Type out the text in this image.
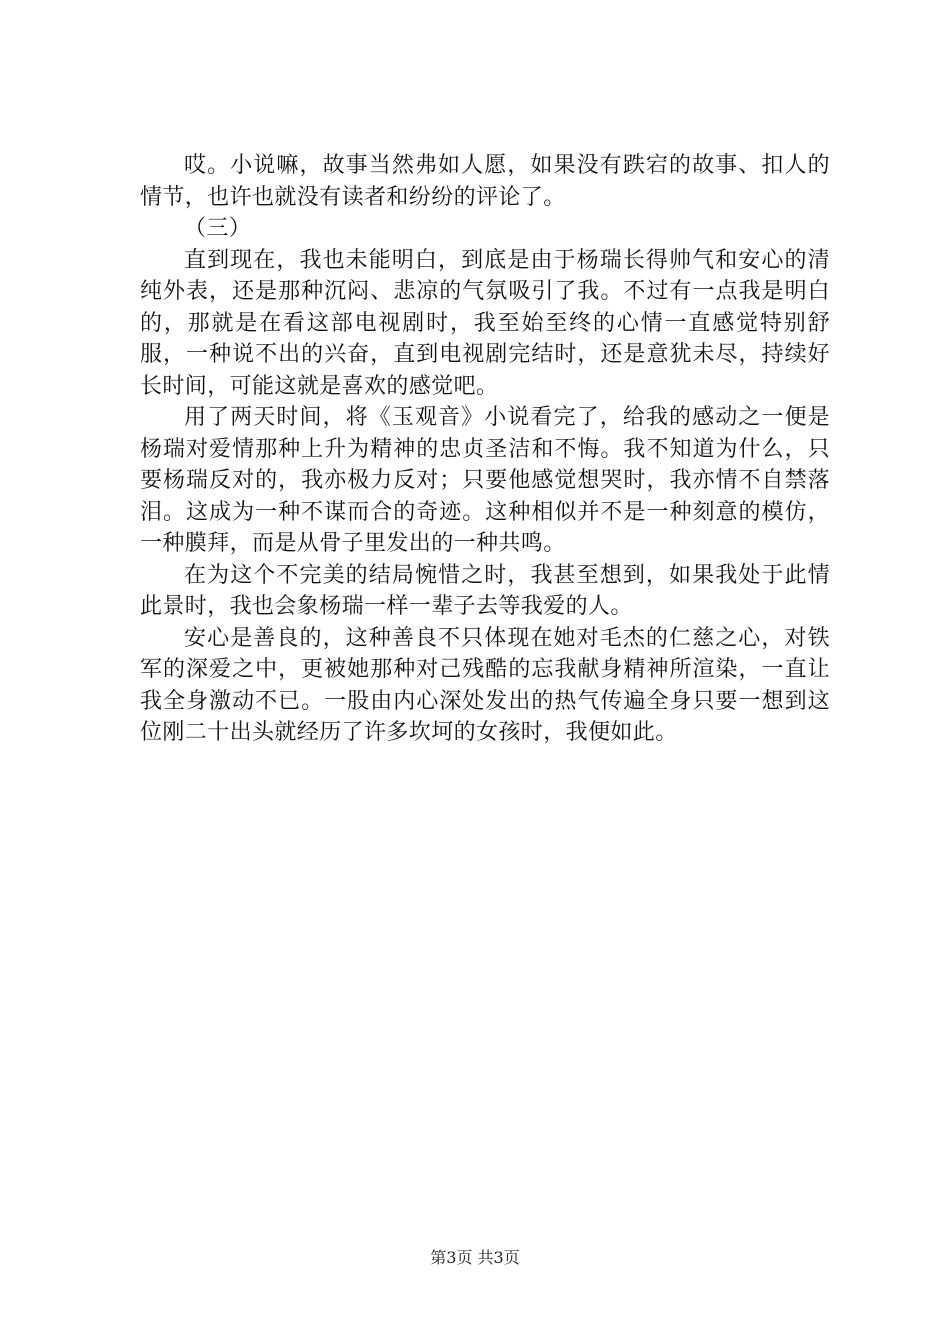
哎。小说嘛，故事当然弗如人愿，如果没有跌宕的故事、扣人的情节，也许也就没有读者和纷纷的评论了。

（三）

直到现在，我也未能明白，到底是由于杨瑞长得帅气和安心的清纯外表，还是那种沉闷、悲凉的气氛吸引了我。不过有一点我是明白的，那就是在看这部电视剧时，我至始至终的心情一直感觉特别舒服，一种说不出的兴奋，直到电视剧完结时，还是意犹未尽，持续好长时间，可能这就是喜欢的感觉吧。

用了两天时间，将《玉观音》小说看完了，给我的感动之一便是杨瑞对爱情那种上升为精神的忠贞圣洁和不悔。我不知道为什么，只要杨瑞反对的，我亦极力反对；只要他感觉想哭时，我亦情不自禁落泪。这成为一种不谋而合的奇迹。这种相似并不是一种刻意的模仿，一种膜拜，而是从骨子里发出的一种共鸣。

在为这个不完美的结局惋惜之时，我甚至想到，如果我处于此情此景时，我也会象杨瑞一样一辈子去等我爱的人。

安心是善良的，这种善良不只体现在她对毛杰的仁慈之心，对铁军的深爱之中，更被她那种对己残酷的忘我献身精神所渲染，一直让我全身激动不已。一股由内心深处发出的热气传遍全身只要一想到这位刚二十出头就经历了许多坎坷的女孩时，我便如此。

第3页 共3页
